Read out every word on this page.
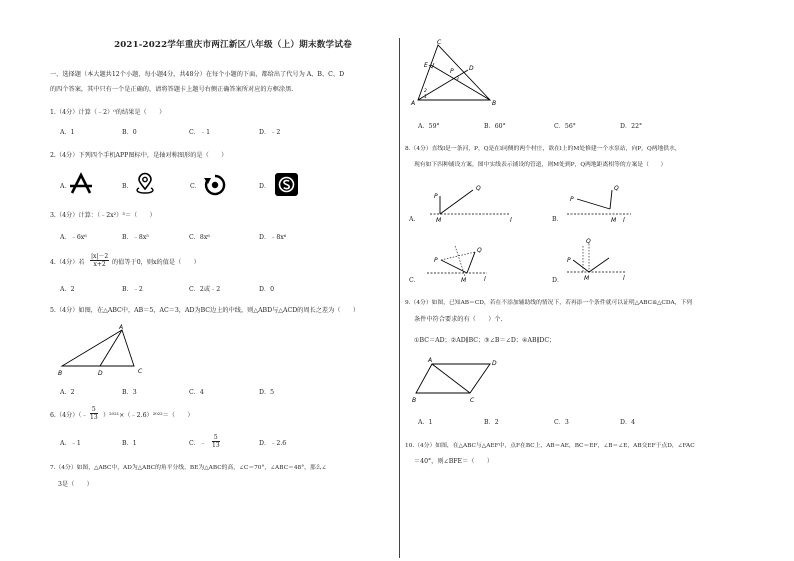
2021-2022学年重庆市两江新区八年级（上）期末数学试卷
一、选择题（本大题共12个小题，每小题4分，共48分）在每个小题的下面，都给出了代号为 A、B、C、D
的四个答案，其中只有一个是正确的，请将答题卡上题号右侧正确答案所对应的方框涂黑.
1.（4分）计算（﹣2）⁰的结果是（　　）
A．1	B．0	C．﹣1	D．﹣2
2.（4分）下列四个手机APP图标中，是轴对称图形的是（　　）
A．	B．	C．	D．
3.（4分）计算：（﹣2x²）³＝（　　）
A．﹣6x⁶	B．﹣8x⁵	C．8x⁶	D．﹣8x⁶
4.（4分）若 $\frac{|x|-2}{x+2}$ 的值等于0，则x的值是（　　）
A．2	B．﹣2	C．2或﹣2	D．0
5.（4分）如图，在△ABC中，AB＝5，AC＝3，AD为BC边上的中线，则△ABD与△ACD的周长之差为（　　）
A
B	D	C
A．2	B．3	C．4	D．5
6.（4分）（﹣ $\frac{5}{13}$ ）²⁰²¹×（﹣2.6）²⁰²²＝（　　）
A．﹣1	B．1	C．﹣ $\frac{5}{13}$	D．﹣2.6
7.（4分）如图，△ABC中，AD为△ABC的角平分线，BE为△ABC的高，∠C＝70°，∠ABC＝48°，那么∠
3是（　　）
C
E
P	D
A	B
1
2
3
A．59°	B．60°	C．56°	D．22°
8.（4分）直线l是一条河，P，Q是在l同侧的两个村庄，欲在l上的M处修建一个水泵站，向P，Q两地供水，
现有如下四种铺设方案，图中实线表示铺设的管道，则M处到P，Q两地距离相等的方案是（　　）
A．
P
Q
M	l	B．
P
Q
M l
C．
P
Q
M	l	D．
P
Q
M	l
9.（4分）如图，已知AB＝CD，若在不添加辅助线的情况下，若再添一个条件就可以证明△ABC≌△CDA，下列
条件中符合要求的有（　　）个.
①BC＝AD；②AD∥BC；③∠B＝∠D；④AB∥DC；
A	D
B	C
A．1	B．2	C．3	D．4
10.（4分）如图，在△ABC与△AEF中，点F在BC上，AB＝AE，BC＝EF，∠B＝∠E，AB交EF于点D，∠FAC
＝40°，则∠BFE＝（　　）
